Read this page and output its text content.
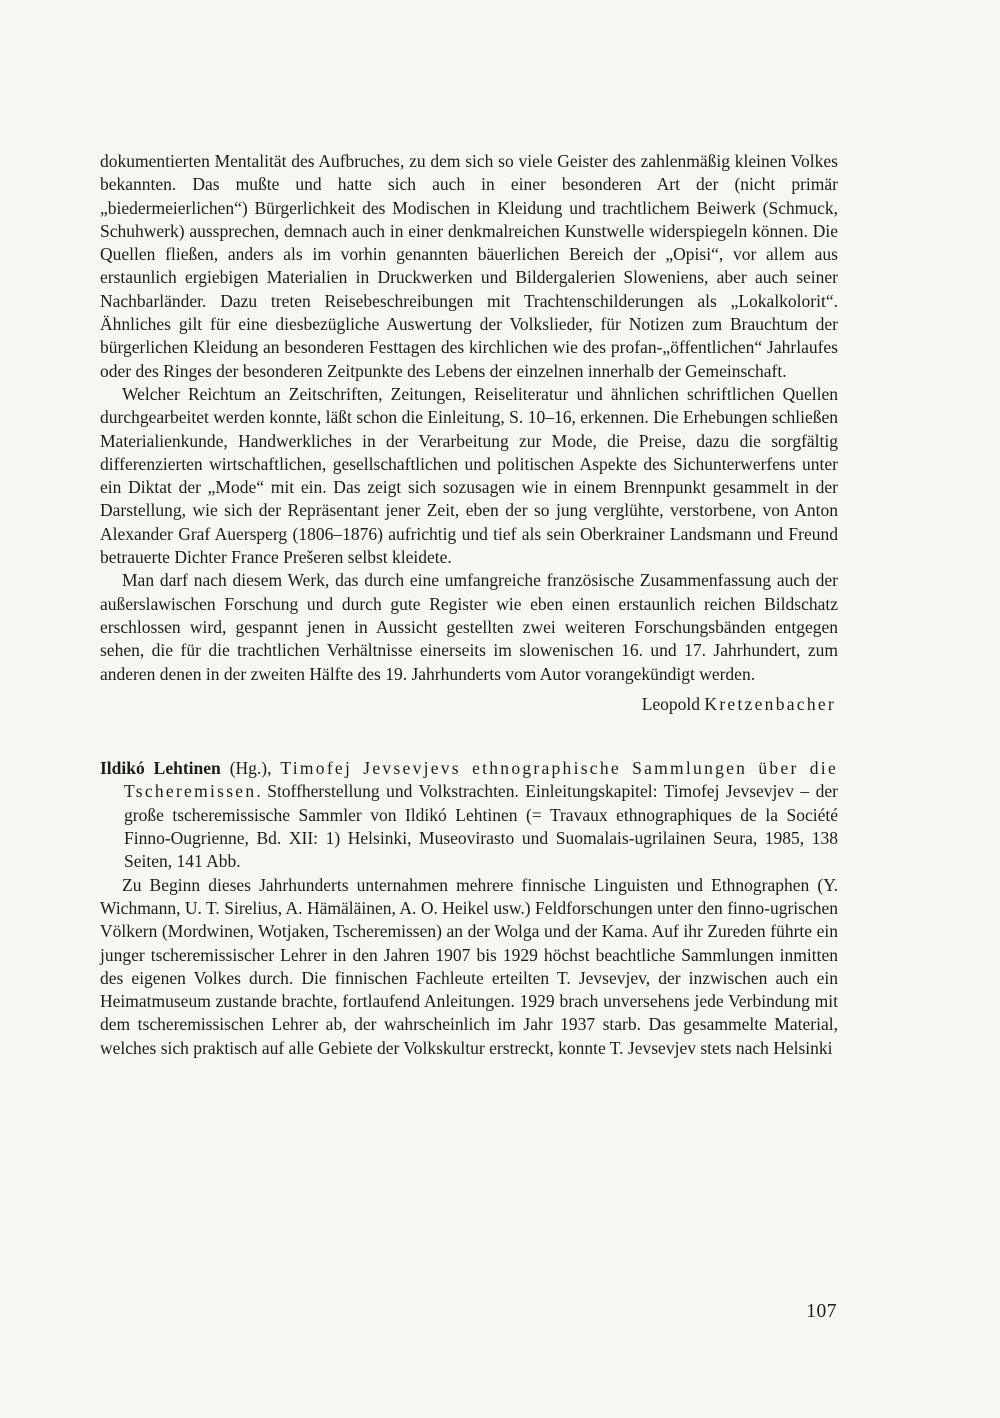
dokumentierten Mentalität des Aufbruches, zu dem sich so viele Geister des zahlenmäßig kleinen Volkes bekannten. Das mußte und hatte sich auch in einer besonderen Art der (nicht primär „biedermeierlichen“) Bürgerlichkeit des Modischen in Kleidung und trachtlichem Beiwerk (Schmuck, Schuhwerk) aussprechen, demnach auch in einer denkmalreichen Kunstwelle widerspiegeln können. Die Quellen fließen, anders als im vorhin genannten bäuerlichen Bereich der „Opisi“, vor allem aus erstaunlich ergiebigen Materialien in Druckwerken und Bildergalerien Sloweniens, aber auch seiner Nachbarländer. Dazu treten Reisebeschreibungen mit Trachtenschilderungen als „Lokalkolorit“. Ähnliches gilt für eine diesbezügliche Auswertung der Volkslieder, für Notizen zum Brauchtum der bürgerlichen Kleidung an besonderen Festtagen des kirchlichen wie des profan-„öffentlichen“ Jahrlaufes oder des Ringes der besonderen Zeitpunkte des Lebens der einzelnen innerhalb der Gemeinschaft.

Welcher Reichtum an Zeitschriften, Zeitungen, Reiseliteratur und ähnlichen schriftlichen Quellen durchgearbeitet werden konnte, läßt schon die Einleitung, S. 10–16, erkennen. Die Erhebungen schließen Materialienkunde, Handwerkliches in der Verarbeitung zur Mode, die Preise, dazu die sorgfältig differenzierten wirtschaftlichen, gesellschaftlichen und politischen Aspekte des Sichunterwerfens unter ein Diktat der „Mode“ mit ein. Das zeigt sich sozusagen wie in einem Brennpunkt gesammelt in der Darstellung, wie sich der Repräsentant jener Zeit, eben der so jung verglühte, verstorbene, von Anton Alexander Graf Auersperg (1806–1876) aufrichtig und tief als sein Oberkrainer Landsmann und Freund betrauerte Dichter France Prešeren selbst kleidete.

Man darf nach diesem Werk, das durch eine umfangreiche französische Zusammenfassung auch der außerslawischen Forschung und durch gute Register wie eben einen erstaunlich reichen Bildschatz erschlossen wird, gespannt jenen in Aussicht gestellten zwei weiteren Forschungsbänden entgegen sehen, die für die trachtlichen Verhältnisse einerseits im slowenischen 16. und 17. Jahrhundert, zum anderen denen in der zweiten Hälfte des 19. Jahrhunderts vom Autor vorangekündigt werden.

Leopold Kretzenbacher

Ildikó Lehtinen (Hg.), Timofej Jevsevjevs ethnographische Sammlungen über die Tscheremissen. Stoffherstellung und Volkstrachten. Einleitungskapitel: Timofej Jevsevjev – der große tscheremissische Sammler von Ildikó Lehtinen (= Travaux ethnographiques de la Société Finno-Ougrienne, Bd. XII: 1) Helsinki, Museovirasto und Suomalais-ugrilainen Seura, 1985, 138 Seiten, 141 Abb.

Zu Beginn dieses Jahrhunderts unternahmen mehrere finnische Linguisten und Ethnographen (Y. Wichmann, U. T. Sirelius, A. Hämäläinen, A. O. Heikel usw.) Feldforschungen unter den finno-ugrischen Völkern (Mordwinen, Wotjaken, Tscheremissen) an der Wolga und der Kama. Auf ihr Zureden führte ein junger tscheremissischer Lehrer in den Jahren 1907 bis 1929 höchst beachtliche Sammlungen inmitten des eigenen Volkes durch. Die finnischen Fachleute erteilten T. Jevsevjev, der inzwischen auch ein Heimatmuseum zustande brachte, fortlaufend Anleitungen. 1929 brach unversehens jede Verbindung mit dem tscheremissischen Lehrer ab, der wahrscheinlich im Jahr 1937 starb. Das gesammelte Material, welches sich praktisch auf alle Gebiete der Volkskultur erstreckt, konnte T. Jevsevjev stets nach Helsinki

107
